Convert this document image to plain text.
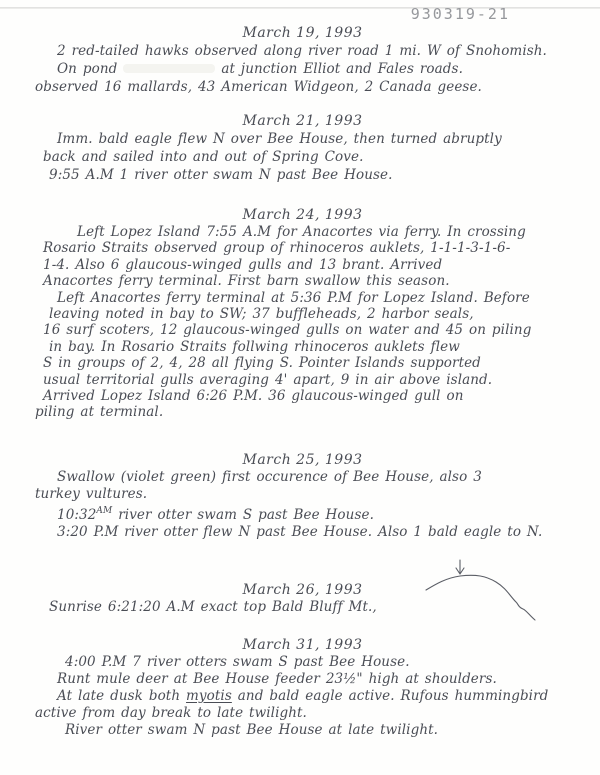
930319-21
March 19, 1993
2 red-tailed hawks observed along river road 1 mi. W of Snohomish.
On pond	at junction Elliot and Fales roads.
observed 16 mallards, 43 American Widgeon, 2 Canada geese.
March 21, 1993
Imm. bald eagle flew N over Bee House, then turned abruptly
back and sailed into and out of Spring Cove.
9:55 A.M 1 river otter swam N past Bee House.
March 24, 1993
Left Lopez Island 7:55 A.M for Anacortes via ferry. In crossing
Rosario Straits observed group of rhinoceros auklets, 1-1-1-3-1-6-
1-4. Also 6 glaucous-winged gulls and 13 brant. Arrived
Anacortes ferry terminal. First barn swallow this season.
Left Anacortes ferry terminal at 5:36 P.M for Lopez Island. Before
leaving noted in bay to SW; 37 buffleheads, 2 harbor seals,
16 surf scoters, 12 glaucous-winged gulls on water and 45 on piling
in bay. In Rosario Straits follwing rhinoceros auklets flew
S in groups of 2, 4, 28 all flying S. Pointer Islands supported
usual territorial gulls averaging 4' apart, 9 in air above island.
Arrived Lopez Island 6:26 P.M. 36 glaucous-winged gull on
piling at terminal.
March 25, 1993
Swallow (violet green) first occurence of Bee House, also 3
turkey vultures.
$10:32^{AM}$ river otter swam S past Bee House.
3:20 P.M river otter flew N past Bee House. Also 1 bald eagle to N.
March 26, 1993
Sunrise 6:21:20 A.M exact top Bald Bluff Mt.,
March 31, 1993
4:00 P.M 7 river otters swam S past Bee House.
Runt mule deer at Bee House feeder 23½" high at shoulders.
At late dusk both myotis and bald eagle active. Rufous hummingbird
active from day break to late twilight.
River otter swam N past Bee House at late twilight.
